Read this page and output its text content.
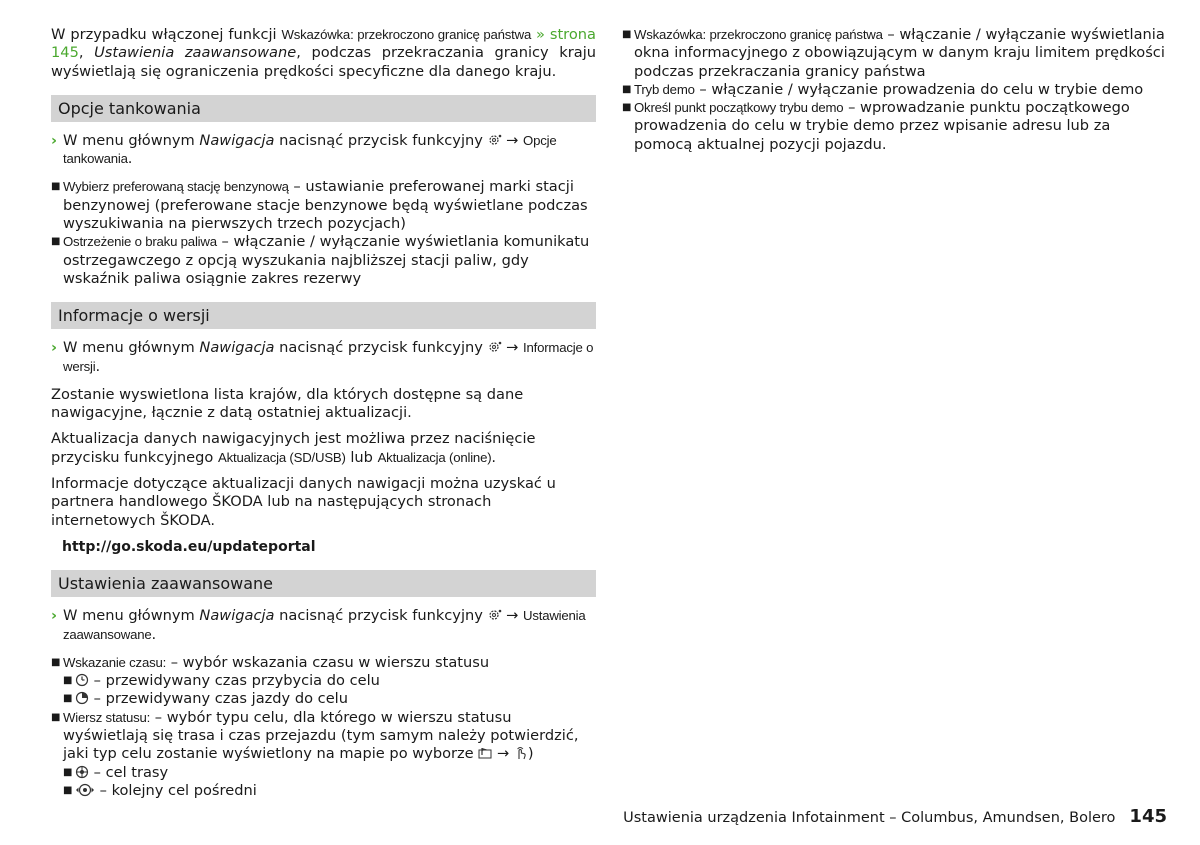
W przypadku włączonej funkcji Wskazówka: przekroczono granicę państwa » strona 145, Ustawienia zaawansowane, podczas przekraczania granicy kraju wyświetlają się ograniczenia prędkości specyficzne dla danego kraju.

Opcje tankowania

› W menu głównym Nawigacja nacisnąć przycisk funkcyjny  → Opcje tankowania.

■ Wybierz preferowaną stację benzynową – ustawianie preferowanej marki stacji benzynowej (preferowane stacje benzynowe będą wyświetlane podczas wyszukiwania na pierwszych trzech pozycjach)

■ Ostrzeżenie o braku paliwa – włączanie / wyłączanie wyświetlania komunikatu ostrzegawczego z opcją wyszukania najbliższej stacji paliw, gdy wskaźnik paliwa osiągnie zakres rezerwy

Informacje o wersji

› W menu głównym Nawigacja nacisnąć przycisk funkcyjny  → Informacje o wersji.

Zostanie wyswietlona lista krajów, dla których dostępne są dane nawigacyjne, łącznie z datą ostatniej aktualizacji.

Aktualizacja danych nawigacyjnych jest możliwa przez naciśnięcie przycisku funkcyjnego Aktualizacja (SD/USB) lub Aktualizacja (online).

Informacje dotyczące aktualizacji danych nawigacji można uzyskać u partnera handlowego ŠKODA lub na następujących stronach internetowych ŠKODA.

http://go.skoda.eu/updateportal

Ustawienia zaawansowane

› W menu głównym Nawigacja nacisnąć przycisk funkcyjny  → Ustawienia zaawansowane.

■ Wskazanie czasu: – wybór wskazania czasu w wierszu statusu

■	– przewidywany czas przybycia do celu

■	– przewidywany czas jazdy do celu

■ Wiersz statusu: – wybór typu celu, dla którego w wierszu statusu wyświetlają się trasa i czas przejazdu (tym samym należy potwierdzić, jaki typ celu zostanie wyświetlony na mapie po wyborze  → )

■	– cel trasy

■	– kolejny cel pośredni

■ Wskazówka: przekroczono granicę państwa – włączanie / wyłączanie wyświetlania okna informacyjnego z obowiązującym w danym kraju limitem prędkości podczas przekraczania granicy państwa

■ Tryb demo – włączanie / wyłączanie prowadzenia do celu w trybie demo

■ Określ punkt początkowy trybu demo – wprowadzanie punktu początkowego prowadzenia do celu w trybie demo przez wpisanie adresu lub za pomocą aktualnej pozycji pojazdu.

Ustawienia urządzenia Infotainment – Columbus, Amundsen, Bolero 145
